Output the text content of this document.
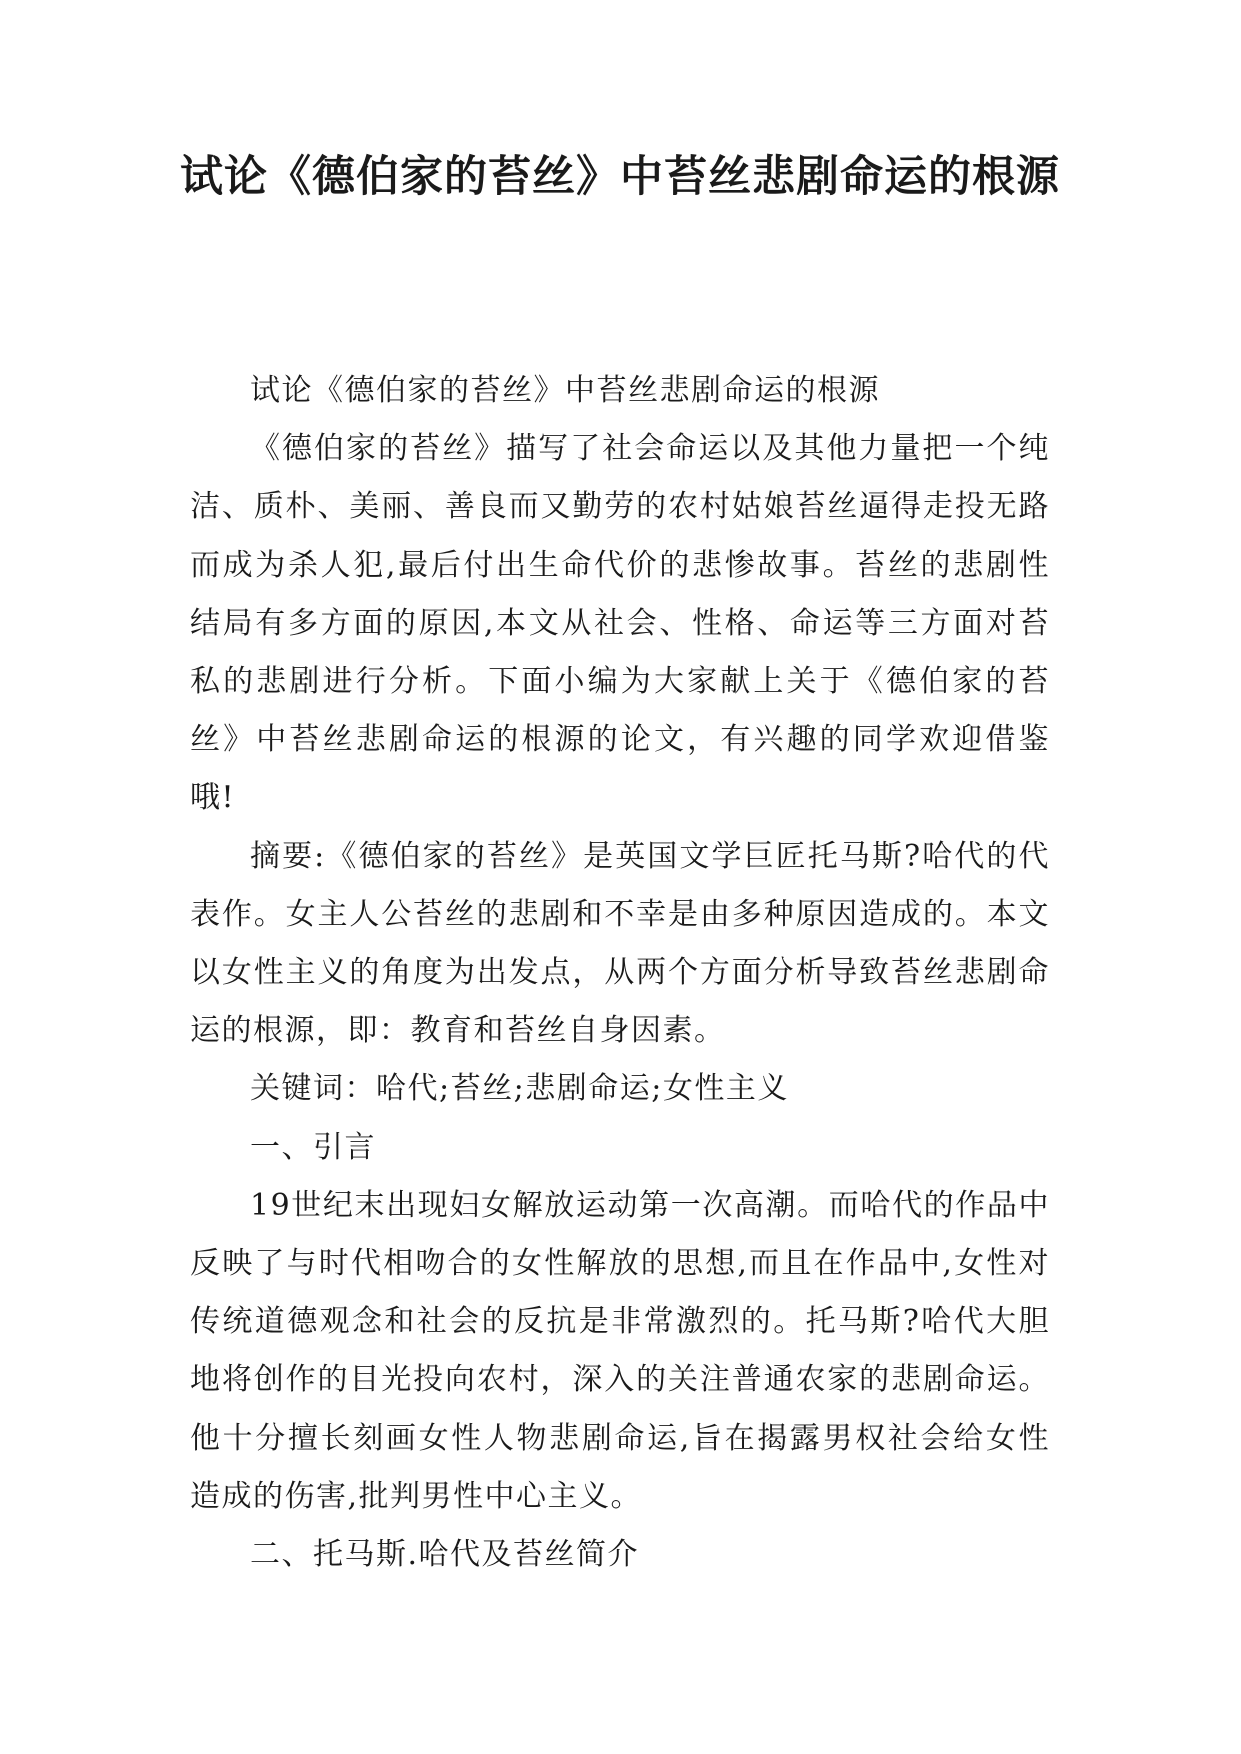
试论《德伯家的苔丝》中苔丝悲剧命运的根源

试论《德伯家的苔丝》中苔丝悲剧命运的根源

《德伯家的苔丝》描写了社会命运以及其他力量把一个纯洁、质朴、美丽、善良而又勤劳的农村姑娘苔丝逼得走投无路而成为杀人犯,最后付出生命代价的悲惨故事。苔丝的悲剧性结局有多方面的原因,本文从社会、性格、命运等三方面对苔私的悲剧进行分析。下面小编为大家献上关于《德伯家的苔丝》中苔丝悲剧命运的根源的论文，有兴趣的同学欢迎借鉴哦!

摘要:《德伯家的苔丝》是英国文学巨匠托马斯?哈代的代表作。女主人公苔丝的悲剧和不幸是由多种原因造成的。本文以女性主义的角度为出发点，从两个方面分析导致苔丝悲剧命运的根源，即：教育和苔丝自身因素。

关键词：哈代;苔丝;悲剧命运;女性主义

一、引言

19世纪末出现妇女解放运动第一次高潮。而哈代的作品中反映了与时代相吻合的女性解放的思想,而且在作品中,女性对传统道德观念和社会的反抗是非常激烈的。托马斯?哈代大胆地将创作的目光投向农村，深入的关注普通农家的悲剧命运。他十分擅长刻画女性人物悲剧命运,旨在揭露男权社会给女性造成的伤害,批判男性中心主义。

二、托马斯.哈代及苔丝简介
